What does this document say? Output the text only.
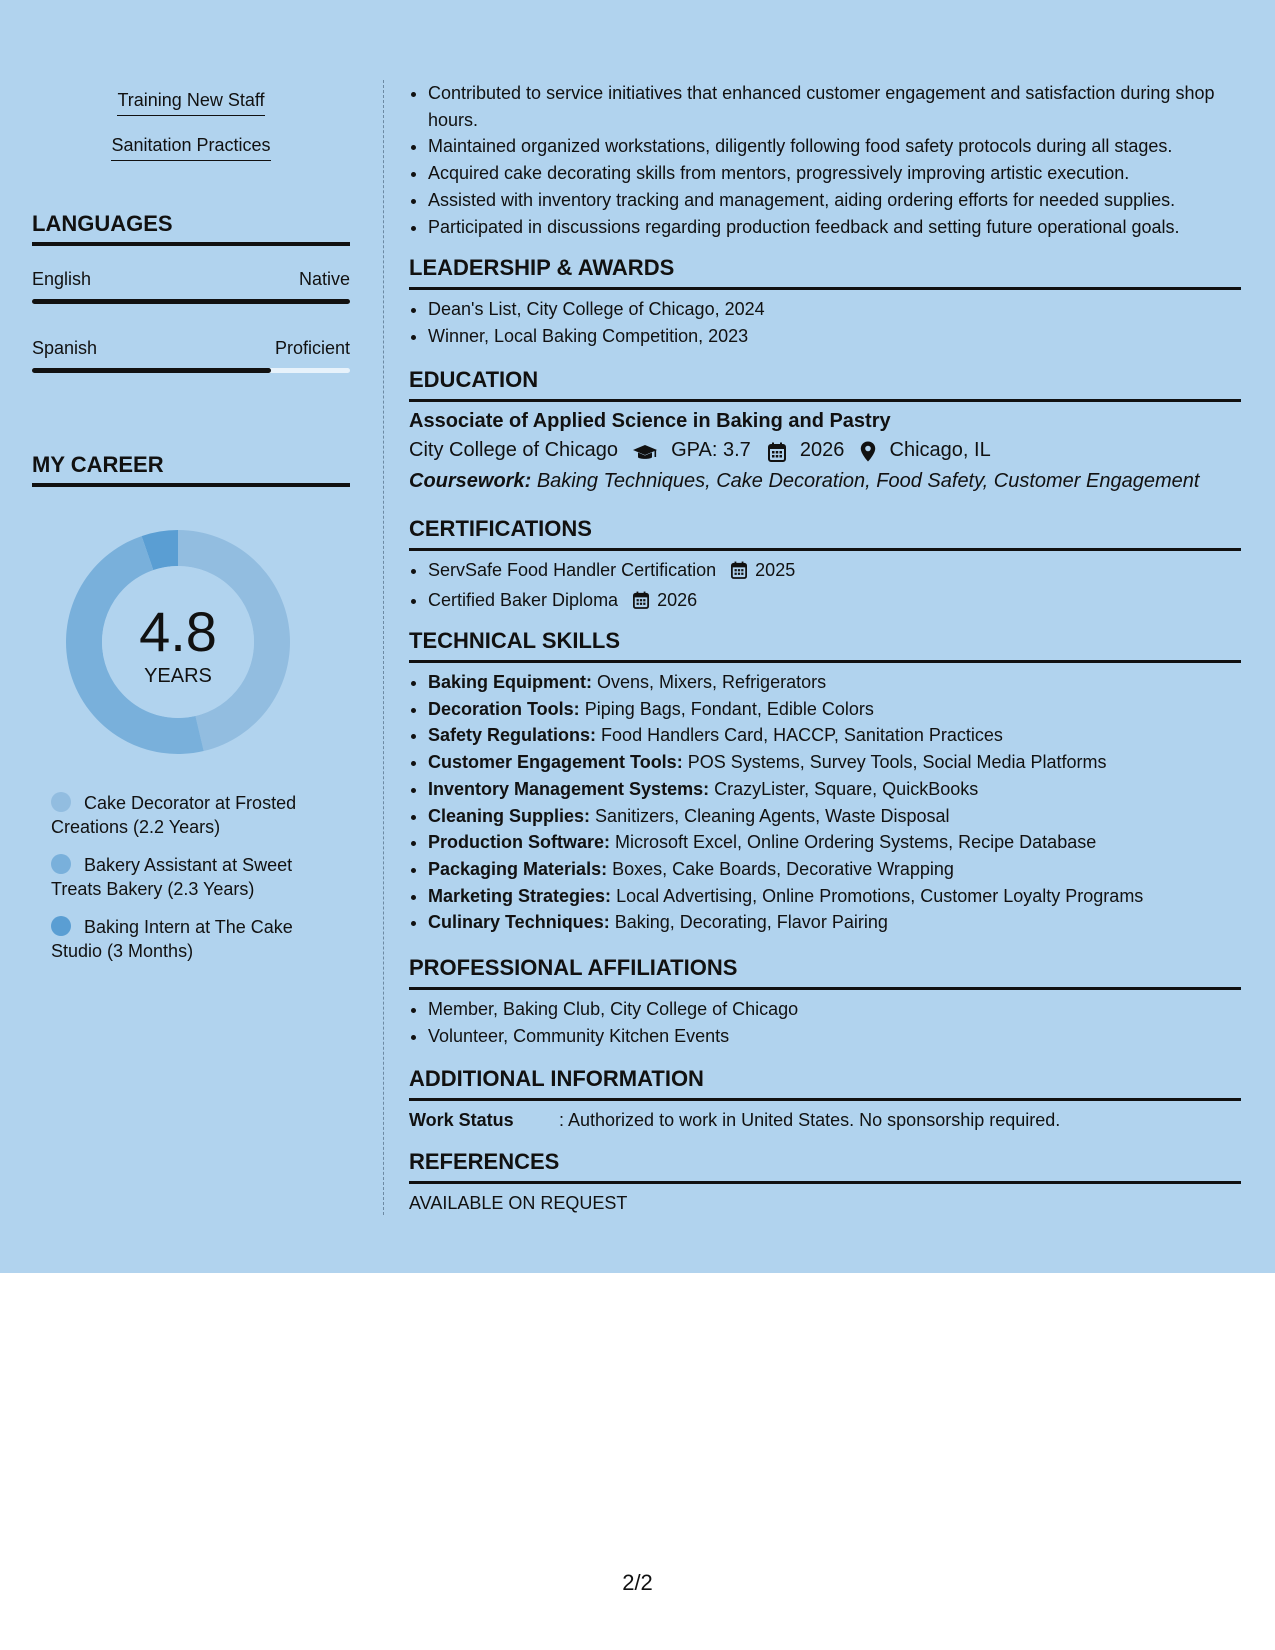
Training New Staff
Sanitation Practices
LANGUAGES
English	Native
Spanish	Proficient
MY CAREER
4.8
YEARS
Cake Decorator at Frosted Creations (2.2 Years)
Bakery Assistant at Sweet Treats Bakery (2.3 Years)
Baking Intern at The Cake Studio (3 Months)
• Contributed to service initiatives that enhanced customer engagement and satisfaction during shop hours.
• Maintained organized workstations, diligently following food safety protocols during all stages.
• Acquired cake decorating skills from mentors, progressively improving artistic execution.
• Assisted with inventory tracking and management, aiding ordering efforts for needed supplies.
• Participated in discussions regarding production feedback and setting future operational goals.
LEADERSHIP & AWARDS
• Dean's List, City College of Chicago, 2024
• Winner, Local Baking Competition, 2023
EDUCATION
Associate of Applied Science in Baking and Pastry
City College of Chicago	GPA: 3.7 2026 Chicago, IL
Coursework: Baking Techniques, Cake Decoration, Food Safety, Customer Engagement
CERTIFICATIONS
• ServSafe Food Handler Certification 2025
• Certified Baker Diploma 2026
TECHNICAL SKILLS
• Baking Equipment: Ovens, Mixers, Refrigerators
• Decoration Tools: Piping Bags, Fondant, Edible Colors
• Safety Regulations: Food Handlers Card, HACCP, Sanitation Practices
• Customer Engagement Tools: POS Systems, Survey Tools, Social Media Platforms
• Inventory Management Systems: CrazyLister, Square, QuickBooks
• Cleaning Supplies: Sanitizers, Cleaning Agents, Waste Disposal
• Production Software: Microsoft Excel, Online Ordering Systems, Recipe Database
• Packaging Materials: Boxes, Cake Boards, Decorative Wrapping
• Marketing Strategies: Local Advertising, Online Promotions, Customer Loyalty Programs
• Culinary Techniques: Baking, Decorating, Flavor Pairing
PROFESSIONAL AFFILIATIONS
• Member, Baking Club, City College of Chicago
• Volunteer, Community Kitchen Events
ADDITIONAL INFORMATION
Work Status	: Authorized to work in United States. No sponsorship required.
REFERENCES
AVAILABLE ON REQUEST
2/2
